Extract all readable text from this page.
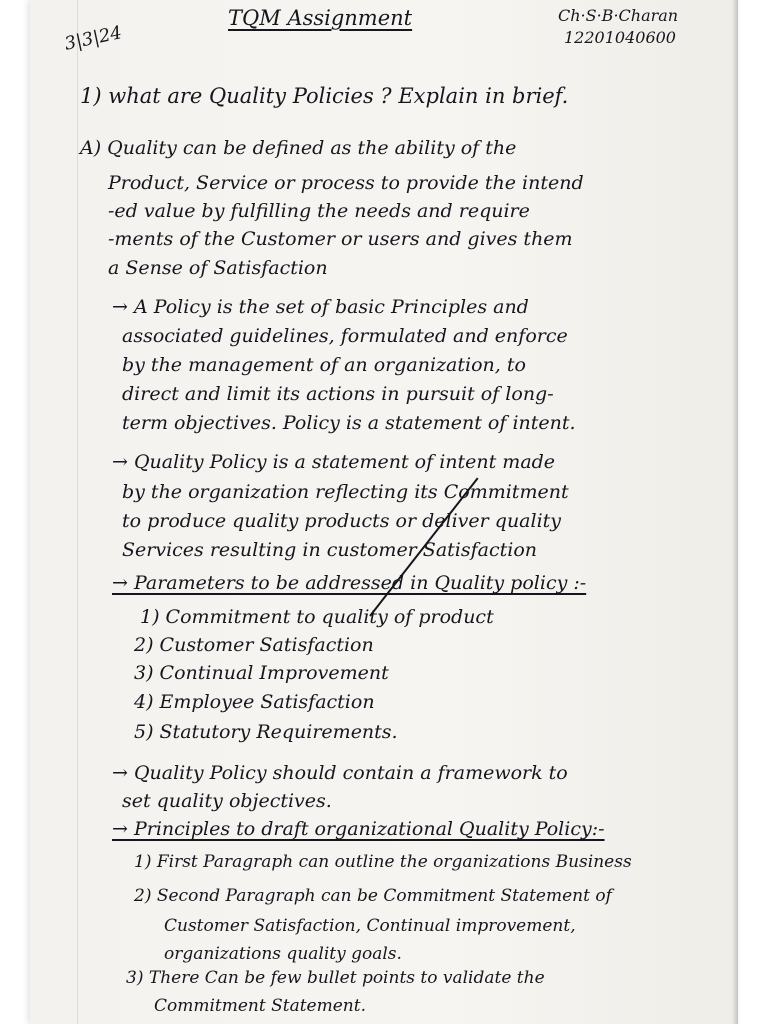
3|3|24
TQM Assignment	Ch·S·B·Charan
12201040600
1) what are Quality Policies ? Explain in brief.
A) Quality can be defined as the ability of the
Product, Service or process to provide the intend
-ed value by fulfilling the needs and require
-ments of the Customer or users and gives them
a Sense of Satisfaction
→ A Policy is the set of basic Principles and
associated guidelines, formulated and enforce
by the management of an organization, to
direct and limit its actions in pursuit of long-
term objectives. Policy is a statement of intent.
→ Quality Policy is a statement of intent made
by the organization reflecting its Commitment
to produce quality products or deliver quality
Services resulting in customer Satisfaction
→ Parameters to be addressed in Quality policy :-
1) Commitment to quality of product
2) Customer Satisfaction
3) Continual Improvement
4) Employee Satisfaction
5) Statutory Requirements.
→ Quality Policy should contain a framework to
set quality objectives.
→ Principles to draft organizational Quality Policy:-
1) First Paragraph can outline the organizations Business
2) Second Paragraph can be Commitment Statement of
Customer Satisfaction, Continual improvement,
organizations quality goals.
3) There Can be few bullet points to validate the
Commitment Statement.
